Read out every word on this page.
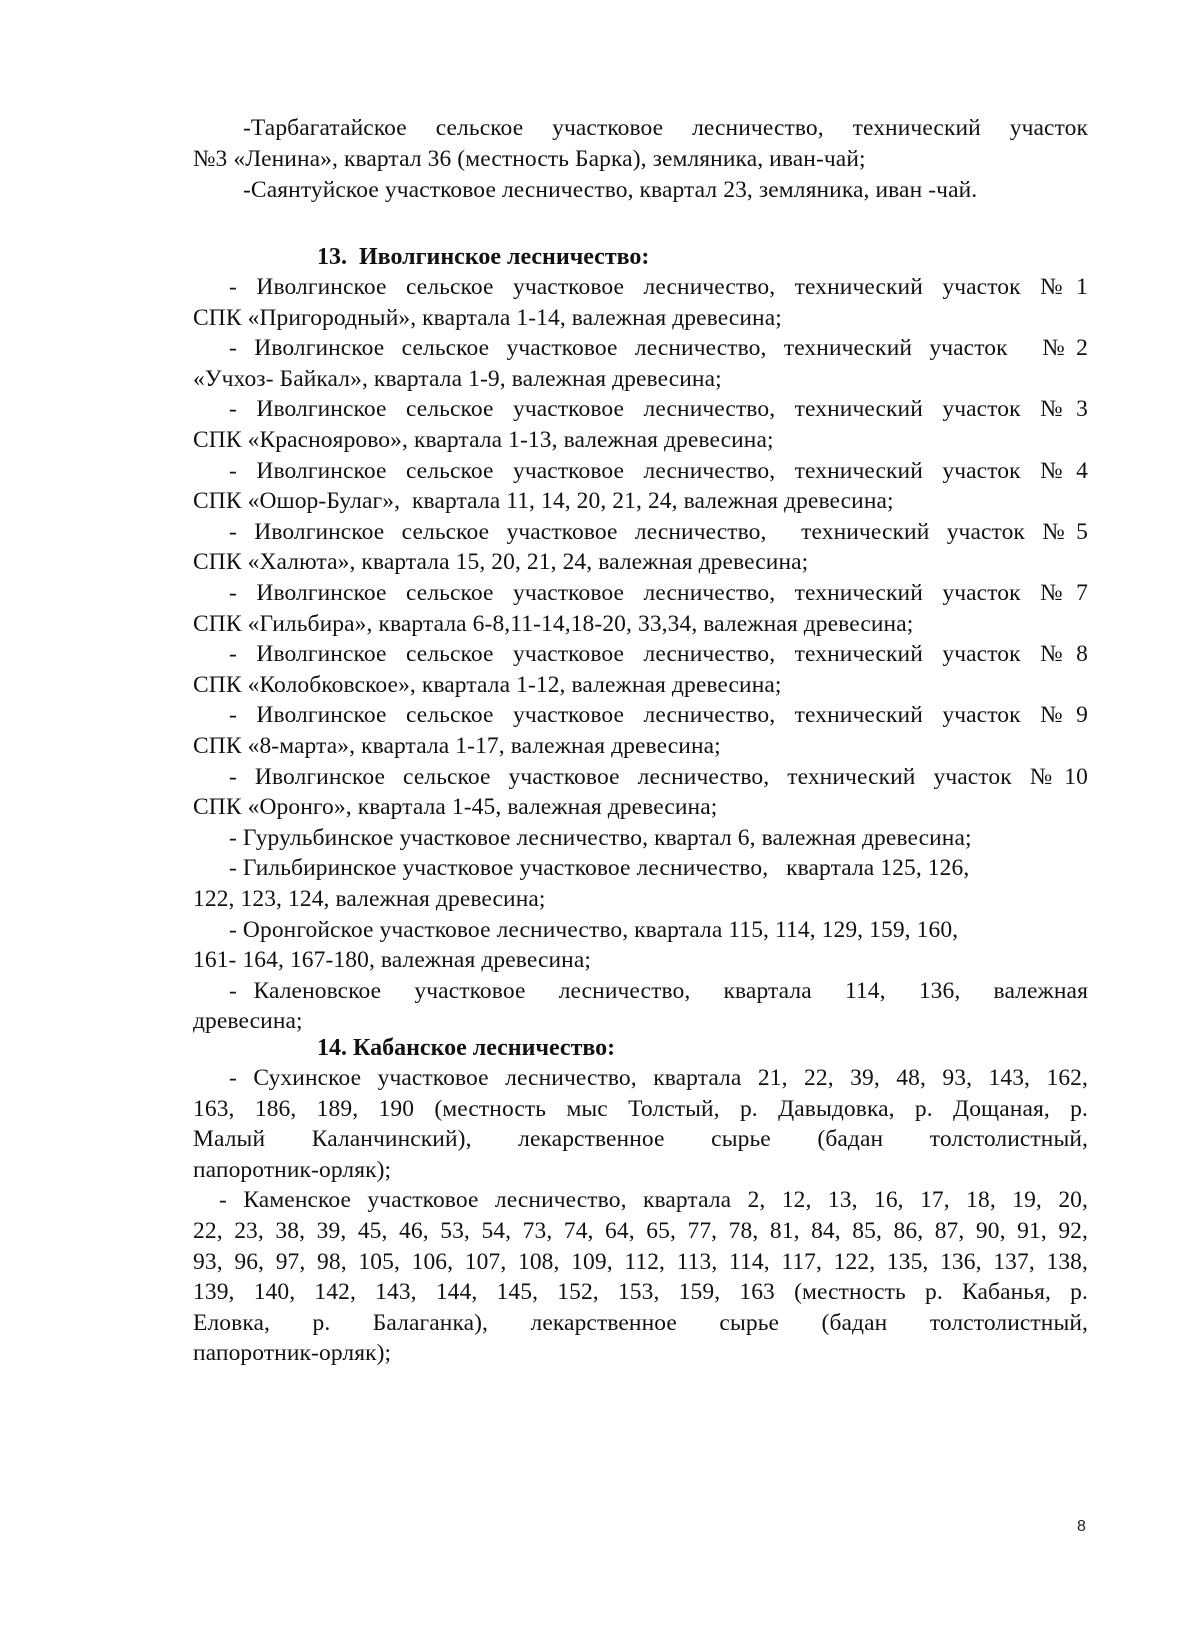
-Тарбагатайское сельское участковое лесничество, технический участок
№3 «Ленина», квартал 36 (местность Барка), земляника, иван-чай;
-Саянтуйское участковое лесничество, квартал 23, земляника, иван -чай.
13.  Иволгинское лесничество:
- Иволгинское сельское участковое лесничество, технический участок №1
СПК «Пригородный», квартала 1-14, валежная древесина;
- Иволгинское сельское участковое лесничество, технический участок  №2
«Учхоз- Байкал», квартала 1-9, валежная древесина;
- Иволгинское сельское участковое лесничество, технический участок №3
СПК «Краснoярово», квартала 1-13, валежная древесина;
- Иволгинское сельское участковое лесничество, технический участок №4
СПК «Ошор-Булаг»,  квартала 11, 14, 20, 21, 24, валежная древесина;
- Иволгинское сельское участковое лесничество,  технический участок №5
СПК «Халюта», квартала 15, 20, 21, 24, валежная древесина;
- Иволгинское сельское участковое лесничество, технический участок №7
СПК «Гильбира», квартала 6-8,11-14,18-20, 33,34, валежная древесина;
- Иволгинское сельское участковое лесничество, технический участок №8
СПК «Колобковское», квартала 1-12, валежная древесина;
- Иволгинское сельское участковое лесничество, технический участок №9
СПК «8-марта», квартала 1-17, валежная древесина;
- Иволгинское сельское участковое лесничество, технический участок №10
СПК «Оронго», квартала 1-45, валежная древесина;
- Гурульбинское участковое лесничество, квартал 6, валежная древесина;
- Гильбиринское участковое участковое лесничество,   квартала 125, 126,
122, 123, 124, валежная древесина;
- Оронгойское участковое лесничество, квартала 115, 114, 129, 159, 160,
161- 164, 167-180, валежная древесина;
- Каленовское  участковое  лесничество,  квартала  114,  136,  валежная
древесина;
14. Кабанское лесничество:
- Сухинское участковое лесничество, квартала 21, 22, 39, 48, 93, 143, 162,
163, 186, 189, 190 (местность мыс Толстый, р. Давыдовка, р. Дощаная, р.
Малый   Каланчинский),   лекарственное   сырье   (бадан   толстолистный,
папоротник-орляк);
- Каменское участковое лесничество, квартала 2, 12, 13, 16, 17, 18, 19, 20,
22, 23, 38, 39, 45, 46, 53, 54, 73, 74, 64, 65, 77, 78, 81, 84, 85, 86, 87, 90, 91, 92,
93, 96, 97, 98, 105, 106, 107, 108, 109, 112, 113, 114, 117, 122, 135, 136, 137, 138,
139, 140, 142, 143, 144, 145, 152, 153, 159, 163 (местность р. Кабанья, р.
Еловка,   р.   Балаганка),   лекарственное   сырье   (бадан   толстолистный,
папоротник-орляк);
8
